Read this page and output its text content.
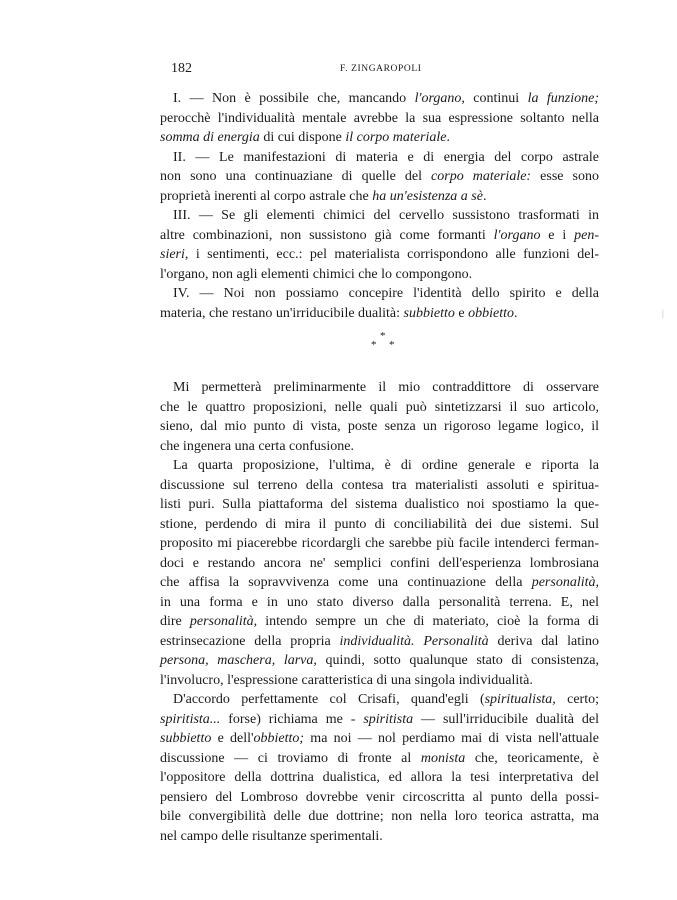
182	F. ZINGAROPOLI
I. — Non è possibile che, mancando l'organo, continui la funzione;
perocchè l'individualità mentale avrebbe la sua espressione soltanto nella
somma di energia di cui dispone il corpo materiale.
II. — Le manifestazioni di materia e di energia del corpo astrale
non sono una continuaziane di quelle del corpo materiale: esse sono
proprietà inerenti al corpo astrale che ha un'esistenza a sè.
III. — Se gli elementi chimici del cervello sussistono trasformati in
altre combinazioni, non sussistono già come formanti l'organo e i pen-
sieri, i sentimenti, ecc.: pel materialista corrispondono alle funzioni del-
l'organo, non agli elementi chimici che lo compongono.
IV. — Noi non possiamo concepire l'identità dello spirito e della
materia, che restano un'irriducibile dualità: subbietto e obbietto.
*
* *
Mi permetterà preliminarmente il mio contraddittore di osservare
che le quattro proposizioni, nelle quali può sintetizzarsi il suo articolo,
sieno, dal mio punto di vista, poste senza un rigoroso legame logico, il
che ingenera una certa confusione.
La quarta proposizione, l'ultima, è di ordine generale e riporta la
discussione sul terreno della contesa tra materialisti assoluti e spiritua-
listi puri. Sulla piattaforma del sistema dualistico noi spostiamo la que-
stione, perdendo di mira il punto di conciliabilità dei due sistemi. Sul
proposito mi piacerebbe ricordargli che sarebbe più facile intenderci ferman-
doci e restando ancora ne' semplici confini dell'esperienza lombrosiana
che affisa la sopravvivenza come una continuazione della personalità,
in una forma e in uno stato diverso dalla personalità terrena. E, nel
dire personalità, intendo sempre un che di materiato, cioè la forma di
estrinsecazione della propria individualità. Personalità deriva dal latino
persona, maschera, larva, quindi, sotto qualunque stato di consistenza,
l'involucro, l'espressione caratteristica di una singola individualità.
D'accordo perfettamente col Crisafi, quand'egli (spiritualista, certo;
spiritista... forse) richiama me - spiritista — sull'irriducibile dualità del
subbietto e dell'obbietto; ma noi — nol perdiamo mai di vista nell'attuale
discussione — ci troviamo di fronte al monista che, teoricamente, è
l'oppositore della dottrina dualistica, ed allora la tesi interpretativa del
pensiero del Lombroso dovrebbe venir circoscritta al punto della possi-
bile convergibilità delle due dottrine; non nella loro teorica astratta, ma
nel campo delle risultanze sperimentali.
|
